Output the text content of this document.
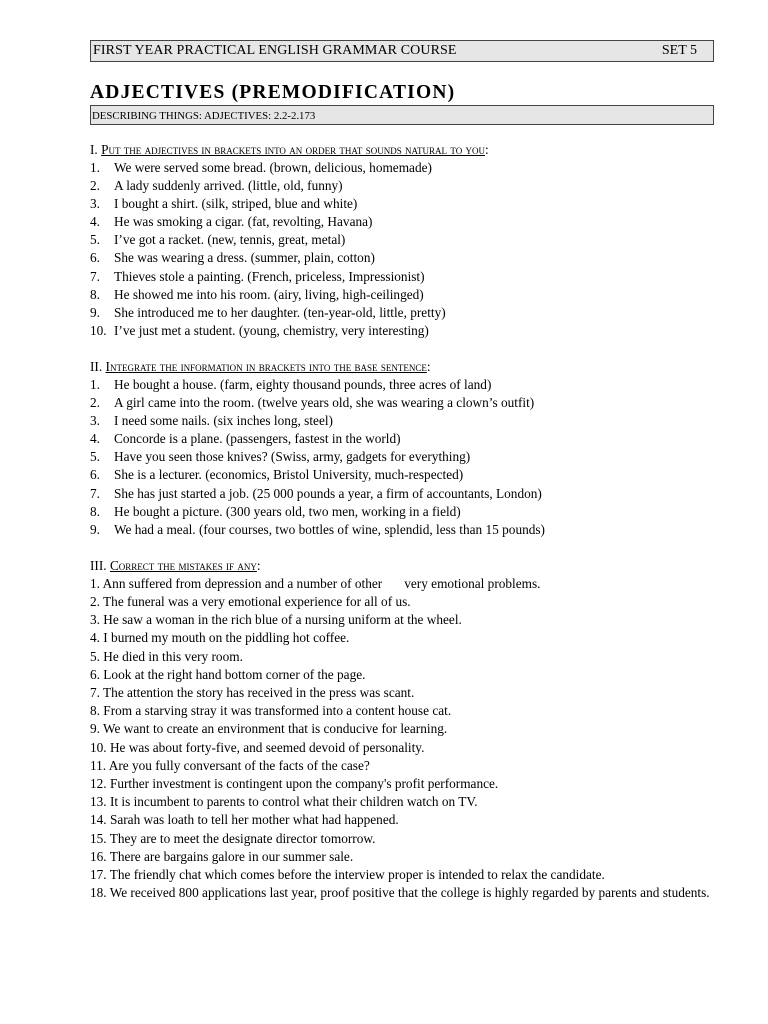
FIRST YEAR PRACTICAL ENGLISH GRAMMAR COURSE	SET 5
ADJECTIVES (PREMODIFICATION)
DESCRIBING THINGS: ADJECTIVES: 2.2-2.173
I. Put the adjectives in brackets into an order that sounds natural to you:
1.	We were served some bread. (brown, delicious, homemade)
2.	A lady suddenly arrived. (little, old, funny)
3.	I bought a shirt. (silk, striped, blue and white)
4.	He was smoking a cigar. (fat, revolting, Havana)
5.	I’ve got a racket. (new, tennis, great, metal)
6.	She was wearing a dress. (summer, plain, cotton)
7.	Thieves stole a painting. (French, priceless, Impressionist)
8.	He showed me into his room. (airy, living, high-ceilinged)
9.	She introduced me to her daughter. (ten-year-old, little, pretty)
10. I’ve just met a student. (young, chemistry, very interesting)
II. Integrate the information in brackets into the base sentence:
1.	He bought a house. (farm, eighty thousand pounds, three acres of land)
2.	A girl came into the room. (twelve years old, she was wearing a clown’s outfit)
3.	I need some nails. (six inches long, steel)
4.	Concorde is a plane. (passengers, fastest in the world)
5.	Have you seen those knives? (Swiss, army, gadgets for everything)
6.	She is a lecturer. (economics, Bristol University, much-respected)
7.	She has just started a job. (25 000 pounds a year, a firm of accountants, London)
8.	He bought a picture. (300 years old, two men, working in a field)
9.	We had a meal. (four courses, two bottles of wine, splendid, less than 15 pounds)
III. Correct the mistakes if any:
1. Ann suffered from depression and a number of other very emotional problems.
2. The funeral was a very emotional experience for all of us.
3. He saw a woman in the rich blue of a nursing uniform at the wheel.
4. I burned my mouth on the piddling hot coffee.
5. He died in this very room.
6. Look at the right hand bottom corner of the page.
7. The attention the story has received in the press was scant.
8. From a starving stray it was transformed into a content house cat.
9. We want to create an environment that is conducive for learning.
10. He was about forty-five, and seemed devoid of personality.
11. Are you fully conversant of the facts of the case?
12. Further investment is contingent upon the company's profit performance.
13. It is incumbent to parents to control what their children watch on TV.
14. Sarah was loath to tell her mother what had happened.
15. They are to meet the designate director tomorrow.
16. There are bargains galore in our summer sale.
17. The friendly chat which comes before the interview proper is intended to relax the candidate.
18. We received 800 applications last year, proof positive that the college is highly regarded by parents and students.
